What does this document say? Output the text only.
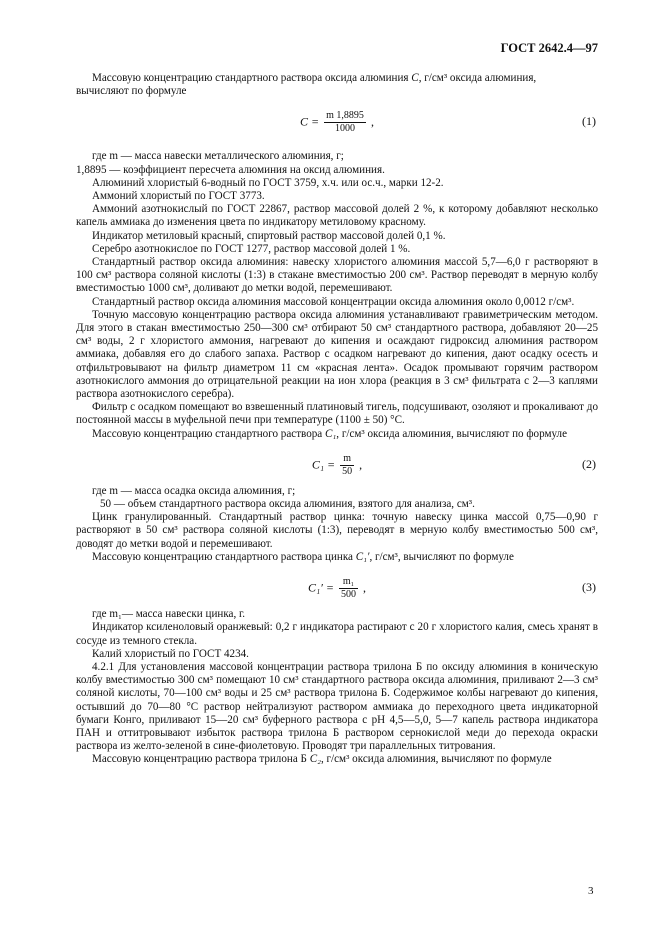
ГОСТ 2642.4—97

Массовую концентрацию стандартного раствора оксида алюминия C, г/см³ оксида алюминия,

вычисляют по формуле

$C = \frac{m 1,8895}{1000}$ ,	(1)

где m — масса навески металлического алюминия, г;

1,8895 — коэффициент пересчета алюминия на оксид алюминия.

Алюминий хлористый 6-водный по ГОСТ 3759, х.ч. или ос.ч., марки 12-2.

Аммоний хлористый по ГОСТ 3773.

Аммоний азотнокислый по ГОСТ 22867, раствор массовой долей 2 %, к которому добавляют несколько капель аммиака до изменения цвета по индикатору метиловому красному.

Индикатор метиловый красный, спиртовый раствор массовой долей 0,1 %.

Серебро азотнокислое по ГОСТ 1277, раствор массовой долей 1 %.

Стандартный раствор оксида алюминия: навеску хлористого алюминия массой 5,7—6,0 г растворяют в 100 см³ раствора соляной кислоты (1:3) в стакане вместимостью 200 см³. Раствор переводят в мерную колбу вместимостью 1000 см³, доливают до метки водой, перемешивают.

Стандартный раствор оксида алюминия массовой концентрации оксида алюминия около 0,0012 г/см³.

Точную массовую концентрацию раствора оксида алюминия устанавливают гравиметрическим методом. Для этого в стакан вместимостью 250—300 см³ отбирают 50 см³ стандартного раствора, добавляют 20—25 см³ воды, 2 г хлористого аммония, нагревают до кипения и осаждают гидроксид алюминия раствором аммиака, добавляя его до слабого запаха. Раствор с осадком нагревают до кипения, дают осадку осесть и отфильтровывают на фильтр диаметром 11 см «красная лента». Осадок промывают горячим раствором азотнокислого аммония до отрицательной реакции на ион хлора (реакция в 3 см³ фильтрата с 2—3 каплями раствора азотнокислого серебра).

Фильтр с осадком помещают во взвешенный платиновый тигель, подсушивают, озоляют и прокаливают до постоянной массы в муфельной печи при температуре (1100 ± 50) °C.

Массовую концентрацию стандартного раствора C₁, г/см³ оксида алюминия, вычисляют по формуле

$C_1 = \frac{m}{50}$ ,	(2)

где m — масса осадка оксида алюминия, г;

50 — объем стандартного раствора оксида алюминия, взятого для анализа, см³.

Цинк гранулированный. Стандартный раствор цинка: точную навеску цинка массой 0,75—0,90 г растворяют в 50 см³ раствора соляной кислоты (1:3), переводят в мерную колбу вместимостью 500 см³, доводят до метки водой и перемешивают.

Массовую концентрацию стандартного раствора цинка C₁′, г/см³, вычисляют по формуле

$C_1' = \frac{\text{m₁}}{500}$ ,	(3)

где m₁— масса навески цинка, г.

Индикатор ксиленоловый оранжевый: 0,2 г индикатора растирают с 20 г хлористого калия, смесь хранят в сосуде из темного стекла.

Калий хлористый по ГОСТ 4234.

4.2.1 Для установления массовой концентрации раствора трилона Б по оксиду алюминия в коническую колбу вместимостью 300 см³ помещают 10 см³ стандартного раствора оксида алюминия, приливают 2—3 см³ соляной кислоты, 70—100 см³ воды и 25 см³ раствора трилона Б. Содержимое колбы нагревают до кипения, остывший до 70—80 °C раствор нейтрализуют раствором аммиака до переходного цвета индикаторной бумаги Конго, приливают 15—20 см³ буферного раствора с pH 4,5—5,0, 5—7 капель раствора индикатора ПАН и оттитровывают избыток раствора трилона Б раствором сернокислой меди до перехода окраски раствора из желто-зеленой в сине-фиолетовую. Проводят три параллельных титрования.

Массовую концентрацию раствора трилона Б C₂, г/см³ оксида алюминия, вычисляют по формуле

3
